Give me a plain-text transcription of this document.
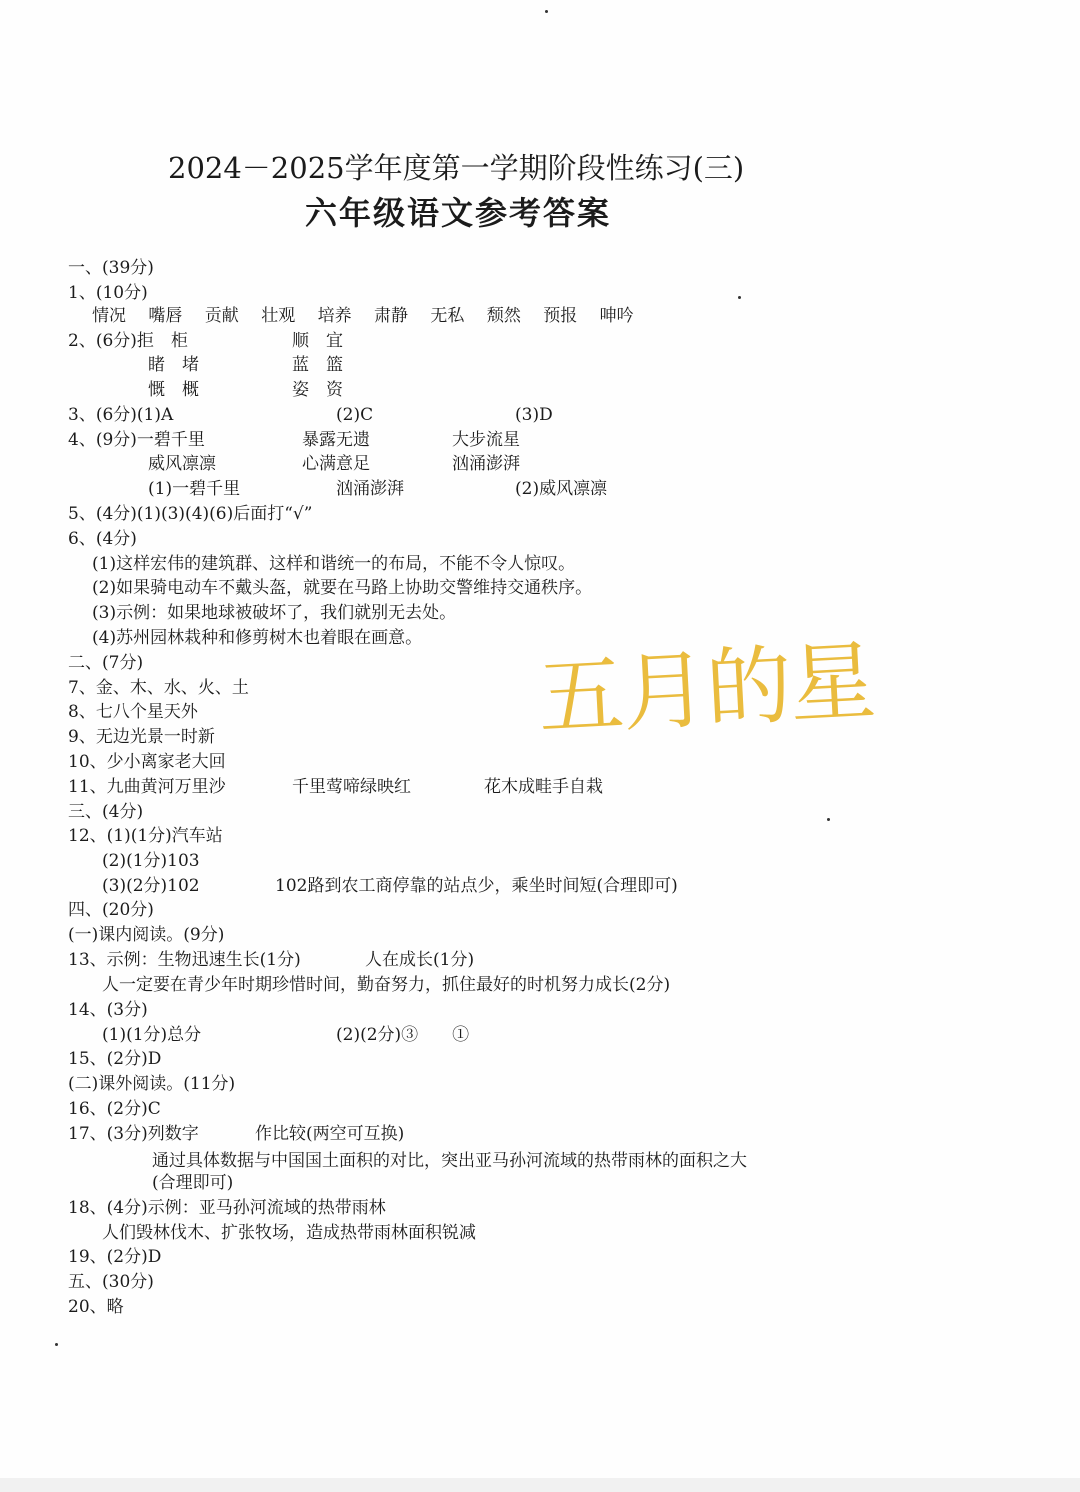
2024－2025学年度第一学期阶段性练习(三)
六年级语文参考答案
一、(39分)
1、(10分)
情况　 嘴唇　 贡献　 壮观　 培养　 肃静　 无私　 颓然　 预报　 呻吟
2、(6分)拒　柜	顺　宜
睹　堵	蓝　篮
慨　概	姿　资
3、(6分)(1)A	(2)C	(3)D
4、(9分)一碧千里	暴露无遗	大步流星
威风凛凛	心满意足	汹涌澎湃
(1)一碧千里	汹涌澎湃	(2)威风凛凛
5、(4分)(1)(3)(4)(6)后面打“√”
6、(4分)
(1)这样宏伟的建筑群、这样和谐统一的布局，不能不令人惊叹。
(2)如果骑电动车不戴头盔，就要在马路上协助交警维持交通秩序。
(3)示例：如果地球被破坏了，我们就别无去处。
(4)苏州园林栽种和修剪树木也着眼在画意。
二、(7分)
7、金、木、水、火、土
8、七八个星天外
9、无边光景一时新
10、少小离家老大回
11、九曲黄河万里沙	千里莺啼绿映红	花木成畦手自栽
三、(4分)
12、(1)(1分)汽车站
(2)(1分)103
(3)(2分)102	102路到农工商停靠的站点少，乘坐时间短(合理即可)
四、(20分)
(一)课内阅读。(9分)
13、示例：生物迅速生长(1分)	人在成长(1分)
人一定要在青少年时期珍惜时间，勤奋努力，抓住最好的时机努力成长(2分)
14、(3分)
(1)(1分)总分	(2)(2分)③　　①
15、(2分)D
(二)课外阅读。(11分)
16、(2分)C
17、(3分)列数字	作比较(两空可互换)
通过具体数据与中国国土面积的对比，突出亚马孙河流域的热带雨林的面积之大
(合理即可)
18、(4分)示例：亚马孙河流域的热带雨林
人们毁林伐木、扩张牧场，造成热带雨林面积锐减
19、(2分)D
五、(30分)
20、略
五月的星
